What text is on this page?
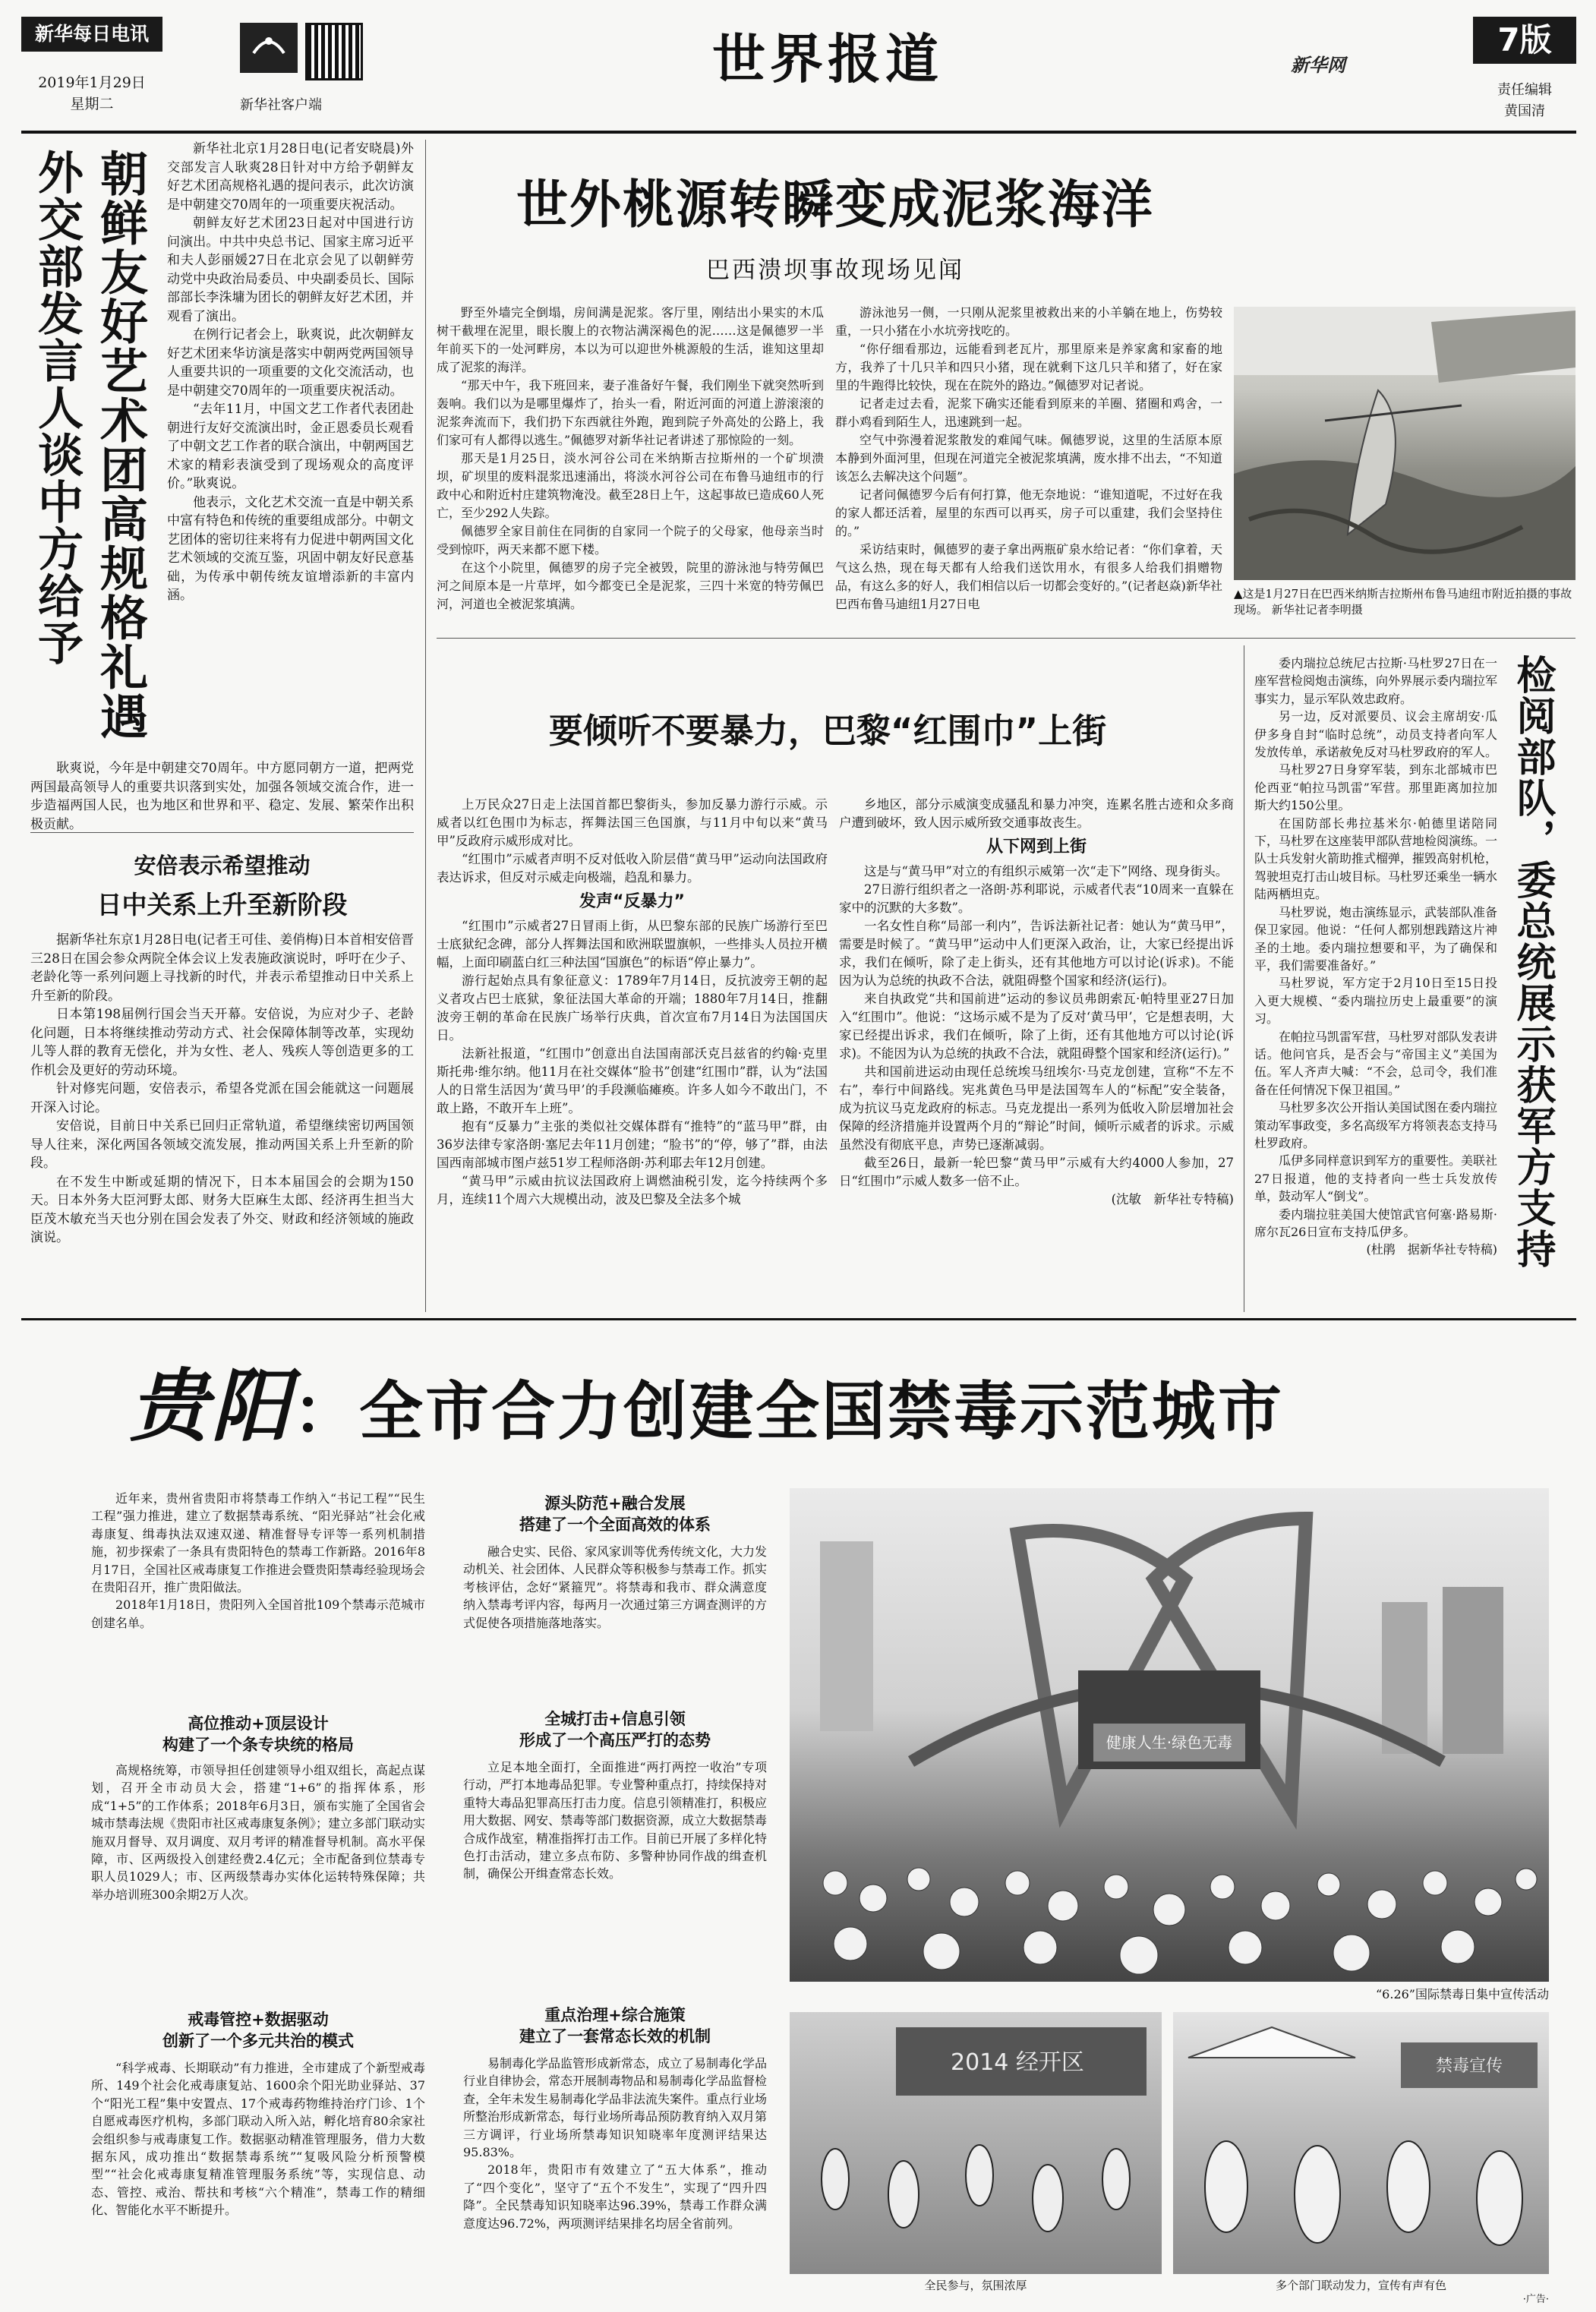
新华每日电讯
2019年1月29日
星期二	新华社客户端
世界报道	新华网
7版
责任编辑
黄国清
朝鲜友好艺术团高规格礼遇
外交部发言人谈中方给予	新华社北京1月28日电(记者安晓晨)外交部发言人耿爽28日针对中方给予朝鲜友好艺术团高规格礼遇的提问表示，此次访演是中朝建交70周年的一项重要庆祝活动。

朝鲜友好艺术团23日起对中国进行访问演出。中共中央总书记、国家主席习近平和夫人彭丽媛27日在北京会见了以朝鲜劳动党中央政治局委员、中央副委员长、国际部部长李洙墉为团长的朝鲜友好艺术团，并观看了演出。

在例行记者会上，耿爽说，此次朝鲜友好艺术团来华访演是落实中朝两党两国领导人重要共识的一项重要的文化交流活动，也是中朝建交70周年的一项重要庆祝活动。

“去年11月，中国文艺工作者代表团赴朝进行友好交流演出时，金正恩委员长观看了中朝文艺工作者的联合演出，中朝两国艺术家的精彩表演受到了现场观众的高度评价。”耿爽说。

他表示，文化艺术交流一直是中朝关系中富有特色和传统的重要组成部分。中朝文艺团体的密切往来将有力促进中朝两国文化艺术领域的交流互鉴，巩固中朝友好民意基础，为传承中朝传统友谊增添新的丰富内涵。

耿爽说，今年是中朝建交70周年。中方愿同朝方一道，把两党两国最高领导人的重要共识落到实处，加强各领域交流合作，进一步造福两国人民，也为地区和世界和平、稳定、发展、繁荣作出积极贡献。

安倍表示希望推动
日中关系上升至新阶段

据新华社东京1月28日电(记者王可佳、姜俏梅)日本首相安倍晋三28日在国会参众两院全体会议上发表施政演说时，呼吁在少子、老龄化等一系列问题上寻找新的时代，并表示希望推动日中关系上升至新的阶段。

日本第198届例行国会当天开幕。安倍说，为应对少子、老龄化问题，日本将继续推动劳动方式、社会保障体制等改革，实现幼儿等人群的教育无偿化，并为女性、老人、残疾人等创造更多的工作机会及更好的劳动环境。

针对修宪问题，安倍表示，希望各党派在国会能就这一问题展开深入讨论。

安倍说，目前日中关系已回归正常轨道，希望继续密切两国领导人往来，深化两国各领域交流发展，推动两国关系上升至新的阶段。

在不发生中断或延期的情况下，日本本届国会的会期为150天。日本外务大臣河野太郎、财务大臣麻生太郎、经济再生担当大臣茂木敏充当天也分别在国会发表了外交、财政和经济领域的施政演说。

世外桃源转瞬变成泥浆海洋
巴西溃坝事故现场见闻

野至外墙完全倒塌，房间满是泥浆。客厅里，刚结出小果实的木瓜树干截埋在泥里，眼长腹上的衣物沾满深褐色的泥……这是佩德罗一半年前买下的一处河畔房，本以为可以迎世外桃源般的生活，谁知这里却成了泥浆的海洋。

“那天中午，我下班回来，妻子准备好午餐，我们刚坐下就突然听到轰响。我们以为是哪里爆炸了，抬头一看，附近河面的河道上游滚滚的泥浆奔流而下，我们扔下东西就往外跑，跑到院子外高处的公路上，我们家可有人都得以逃生。”佩德罗对新华社记者讲述了那惊险的一刻。

那天是1月25日，淡水河谷公司在米纳斯吉拉斯州的一个矿坝溃坝，矿坝里的废料混浆迅速涌出，将淡水河谷公司在布鲁马迪纽市的行政中心和附近村庄建筑物淹没。截至28日上午，这起事故已造成60人死亡，至少292人失踪。

佩德罗全家目前住在同街的自家同一个院子的父母家，他母亲当时受到惊吓，两天来都不愿下楼。

在这个小院里，佩德罗的房子完全被毁，院里的游泳池与特劳佩巴河之间原本是一片草坪，如今都变已全是泥浆，三四十米宽的特劳佩巴河，河道也全被泥浆填满。

游泳池另一侧，一只刚从泥浆里被救出来的小羊躺在地上，伤势较重，一只小猪在小水坑旁找吃的。

“你仔细看那边，远能看到老瓦片，那里原来是养家禽和家畜的地方，我养了十几只羊和四只小猪，现在就剩下这几只羊和猪了，好在家里的牛跑得比较快，现在在院外的路边。”佩德罗对记者说。

记者走过去看，泥浆下确实还能看到原来的羊圈、猪圈和鸡舍，一群小鸡看到陌生人，迅速跳到一起。

空气中弥漫着泥浆散发的难闻气味。佩德罗说，这里的生活原本原本静到外面河里，但现在河道完全被泥浆填满，废水排不出去，“不知道该怎么去解决这个问题”。

记者问佩德罗今后有何打算，他无奈地说：“谁知道呢，不过好在我的家人都还活着，屋里的东西可以再买，房子可以重建，我们会坚持住的。”

采访结束时，佩德罗的妻子拿出两瓶矿泉水给记者：“你们拿着，天气这么热，现在每天都有人给我们送饮用水，有很多人给我们捐赠物品，有这么多的好人，我们相信以后一切都会变好的。”(记者赵焱)新华社巴西布鲁马迪纽1月27日电

▲这是1月27日在巴西米纳斯吉拉斯州布鲁马迪纽市附近拍摄的事故现场。 新华社记者李明摄
要倾听不要暴力，巴黎“红围巾”上街

上万民众27日走上法国首都巴黎街头，参加反暴力游行示威。示威者以红色围巾为标志，挥舞法国三色国旗，与11月中旬以来“黄马甲”反政府示威形成对比。

“红围巾”示威者声明不反对低收入阶层借“黄马甲”运动向法国政府表达诉求，但反对示威走向极端，趋乱和暴力。

发声“反暴力”

“红围巾”示威者27日冒雨上街，从巴黎东部的民族广场游行至巴士底狱纪念碑，部分人挥舞法国和欧洲联盟旗帜，一些排头人员拉开横幅，上面印刷蓝白红三种法国“国旗色”的标语“停止暴力”。

游行起始点具有象征意义：1789年7月14日，反抗波旁王朝的起义者攻占巴士底狱，象征法国大革命的开端；1880年7月14日，推翻波旁王朝的革命在民族广场举行庆典，首次宣布7月14日为法国国庆日。

法新社报道，“红围巾”创意出自法国南部沃克吕兹省的约翰·克里斯托弗·维尔纳。他11月在社交媒体“脸书”创建“红围巾”群，认为“法国人的日常生活因为‘黄马甲’的手段濒临瘫痪。许多人如今不敢出门，不敢上路，不敢开车上班”。

抱有“反暴力”主张的类似社交媒体群有“推特”的“蓝马甲”群，由36岁法律专家洛朗·塞尼去年11月创建；“脸书”的“停，够了”群，由法国西南部城市图卢兹51岁工程师洛朗·苏利耶去年12月创建。

“黄马甲”示威由抗议法国政府上调燃油税引发，迄今持续两个多月，连续11个周六大规模出动，波及巴黎及全法多个城

乡地区，部分示威演变成骚乱和暴力冲突，连累名胜古迹和众多商户遭到破坏，致人因示威所致交通事故丧生。

从下网到上街

这是与“黄马甲”对立的有组织示威第一次“走下”网络、现身街头。

27日游行组织者之一洛朗·苏利耶说，示威者代表“10周来一直躲在家中的沉默的大多数”。

一名女性自称“局部一利内”，告诉法新社记者：她认为“黄马甲”，需要是时候了。“黄马甲”运动中人们更深入政治，让，大家已经提出诉求，我们在倾听，除了走上街头，还有其他地方可以讨论(诉求)。不能因为认为总统的执政不合法，就阻碍整个国家和经济(运行)。

来自执政党“共和国前进”运动的参议员弗朗索瓦·帕特里亚27日加入“红围巾”。他说：“这场示威不是为了反对‘黄马甲’，它是想表明，大家已经提出诉求，我们在倾听，除了上街，还有其他地方可以讨论(诉求)。不能因为认为总统的执政不合法，就阻碍整个国家和经济(运行)。”

共和国前进运动由现任总统埃马纽埃尔·马克龙创建，宣称“不左不右”，奉行中间路线。宪兆黄色马甲是法国驾车人的“标配”安全装备，成为抗议马克龙政府的标志。马克龙提出一系列为低收入阶层增加社会保障的经济措施并设置两个月的“辩论”时间，倾听示威者的诉求。示威虽然没有彻底平息，声势已逐渐减弱。

截至26日，最新一轮巴黎“黄马甲”示威有大约4000人参加，27日“红围巾”示威人数多一倍不止。

(沈敏　新华社专特稿)	检阅部队，委总统展示获军方支持

委内瑞拉总统尼古拉斯·马杜罗27日在一座军营检阅炮击演练，向外界展示委内瑞拉军事实力，显示军队效忠政府。

另一边，反对派要员、议会主席胡安·瓜伊多身自封“临时总统”，动员支持者向军人发放传单，承诺赦免反对马杜罗政府的军人。

马杜罗27日身穿军装，到东北部城市巴伦西亚“帕拉马凯雷”军营。那里距离加拉加斯大约150公里。

在国防部长弗拉基米尔·帕德里诺陪同下，马杜罗在这座装甲部队营地检阅演练。一队士兵发射火箭助推式榴弹，摧毁高射机枪，驾驶坦克打击山坡目标。马杜罗还乘坐一辆水陆两栖坦克。

马杜罗说，炮击演练显示，武装部队准备保卫家园。他说：“任何人都别想践踏这片神圣的土地。委内瑞拉想要和平，为了确保和平，我们需要准备好。”

马杜罗说，军方定于2月10日至15日投入更大规模、“委内瑞拉历史上最重要”的演习。

在帕拉马凯雷军营，马杜罗对部队发表讲话。他问官兵，是否会与“帝国主义”美国为伍。军人齐声大喊：“不会，总司令，我们准备在任何情况下保卫祖国。”

马杜罗多次公开指认美国试图在委内瑞拉策动军事政变，多名高级军方将领表态支持马杜罗政府。

瓜伊多同样意识到军方的重要性。美联社27日报道，他的支持者向一些士兵发放传单，鼓动军人“倒戈”。

委内瑞拉驻美国大使馆武官何塞·路易斯·席尔瓦26日宣布支持瓜伊多。

(杜鹃　据新华社专特稿)
贵阳：全市合力创建全国禁毒示范城市

近年来，贵州省贵阳市将禁毒工作纳入“书记工程”“民生工程”强力推进，建立了数据禁毒系统、“阳光驿站”社会化戒毒康复、缉毒执法双速双递、精准督导专评等一系列机制措施，初步探索了一条具有贵阳特色的禁毒工作新路。2016年8月17日，全国社区戒毒康复工作推进会暨贵阳禁毒经验现场会在贵阳召开，推广贵阳做法。

2018年1月18日，贵阳列入全国首批109个禁毒示范城市创建名单。

高位推动+顶层设计
构建了一个条专块统的格局

高规格统筹，市领导担任创建领导小组双组长，高起点谋划，召开全市动员大会，搭建“1+6”的指挥体系，形成“1+5”的工作体系；2018年6月3日，颁布实施了全国省会城市禁毒法规《贵阳市社区戒毒康复条例》；建立多部门联动实施双月督导、双月调度、双月考评的精准督导机制。高水平保障，市、区两级投入创建经费2.4亿元；全市配备到位禁毒专职人员1029人；市、区两级禁毒办实体化运转特殊保障；共举办培训班300余期2万人次。

戒毒管控+数据驱动
创新了一个多元共治的模式

“科学戒毒、长期联动”有力推进，全市建成了个新型戒毒所、149个社会化戒毒康复站、1600余个阳光助业驿站、37个“阳光工程”集中安置点、17个戒毒药物维持治疗门诊、1个自愿戒毒医疗机构，多部门联动入所入站，孵化培育80余家社会组织参与戒毒康复工作。数据驱动精准管理服务，借力大数据东风，成功推出“数据禁毒系统”“复吸风险分析预警模型”“社会化戒毒康复精准管理服务系统”等，实现信息、动态、管控、戒治、帮扶和考核“六个精准”，禁毒工作的精细化、智能化水平不断提升。

源头防范+融合发展
搭建了一个全面高效的体系

融合史实、民俗、家风家训等优秀传统文化，大力发动机关、社会团体、人民群众等积极参与禁毒工作。抓实考核评估，念好“紧箍咒”。将禁毒和我市、群众满意度纳入禁毒考评内容，每两月一次通过第三方调查测评的方式促使各项措施落地落实。

全城打击+信息引领
形成了一个高压严打的态势

立足本地全面打，全面推进“两打两控一收治”专项行动，严打本地毒品犯罪。专业警种重点打，持续保持对重特大毒品犯罪高压打击力度。信息引领精准打，积极应用大数据、网安、禁毒等部门数据资源，成立大数据禁毒合成作战室，精准指挥打击工作。目前已开展了多样化特色打击活动，建立多点布防、多警种协同作战的缉查机制，确保公开缉查常态长效。

重点治理+综合施策
建立了一套常态长效的机制

易制毒化学品监管形成新常态，成立了易制毒化学品行业自律协会，常态开展制毒物品和易制毒化学品监督检查，全年未发生易制毒化学品非法流失案件。重点行业场所整治形成新常态，每行业场所毒品预防教育纳入双月第三方调评，行业场所禁毒知识知晓率年度测评结果达95.83%。

2018年，贵阳市有效建立了“五大体系”，推动了“四个变化”，坚守了“五个不发生”，实现了“四升四降”。全民禁毒知识知晓率达96.39%，禁毒工作群众满意度达96.72%，两项测评结果排名均居全省前列。

健康人生·绿色无毒
“6.26”国际禁毒日集中宣传活动
2014 经开区
全民参与，氛围浓厚
禁毒宣传
多个部门联动发力，宣传有声有色
·广告·
